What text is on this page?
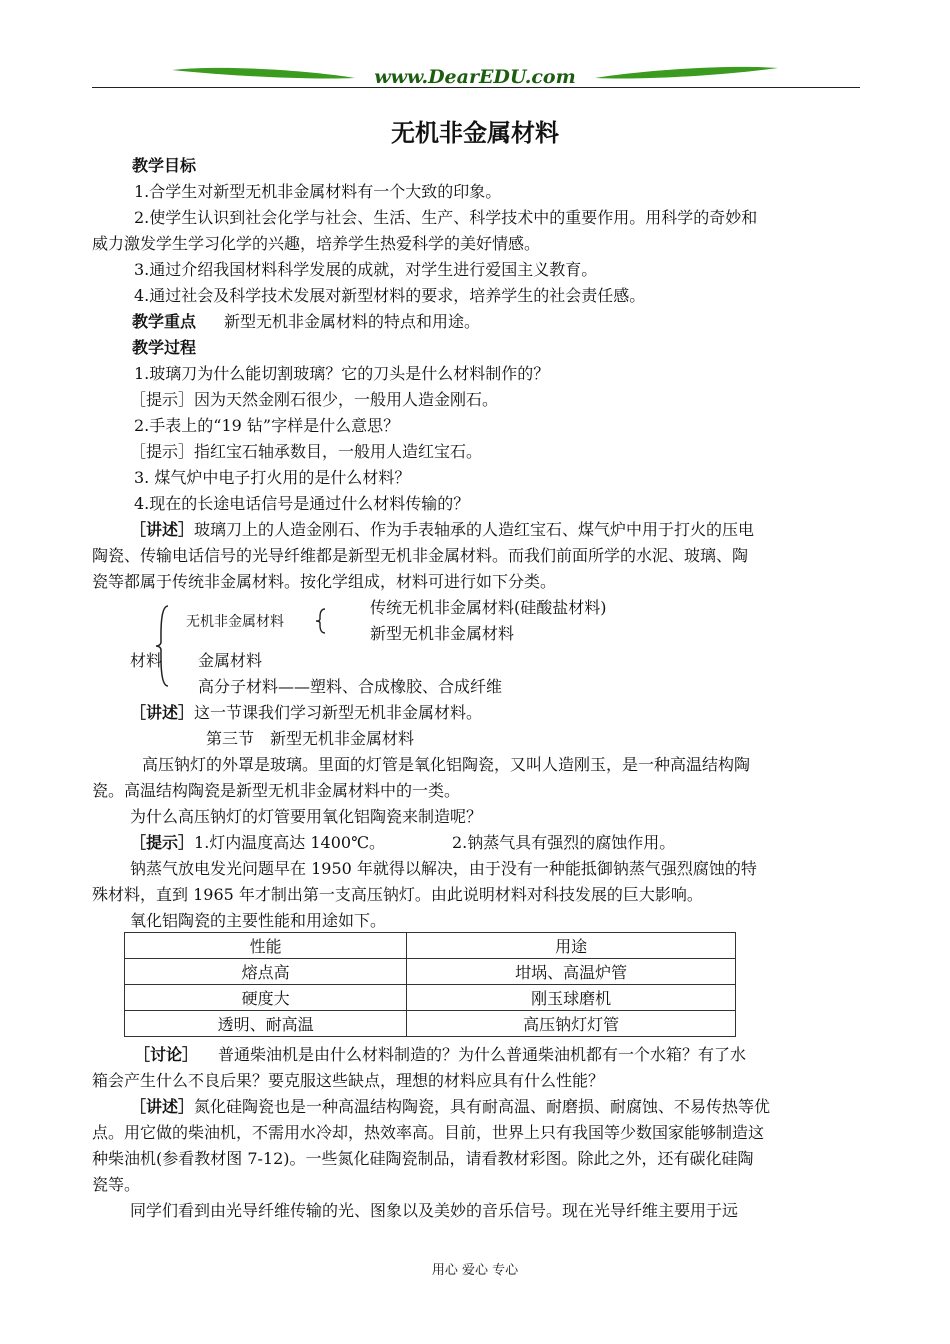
www.DearEDU.com
无机非金属材料
教学目标
1.合学生对新型无机非金属材料有一个大致的印象。
2.使学生认识到社会化学与社会、生活、生产、科学技术中的重要作用。用科学的奇妙和
威力激发学生学习化学的兴趣，培养学生热爱科学的美好情感。
3.通过介绍我国材料科学发展的成就，对学生进行爱国主义教育。
4.通过社会及科学技术发展对新型材料的要求，培养学生的社会责任感。
教学重点 新型无机非金属材料的特点和用途。
教学过程
1.玻璃刀为什么能切割玻璃？它的刀头是什么材料制作的？
［提示］因为天然金刚石很少，一般用人造金刚石。
2.手表上的“19 钻”字样是什么意思？
［提示］指红宝石轴承数目，一般用人造红宝石。
3. 煤气炉中电子打火用的是什么材料？
4.现在的长途电话信号是通过什么材料传输的？
［讲述］玻璃刀上的人造金刚石、作为手表轴承的人造红宝石、煤气炉中用于打火的压电
陶瓷、传输电话信号的光导纤维都是新型无机非金属材料。而我们前面所学的水泥、玻璃、陶
瓷等都属于传统非金属材料。按化学组成，材料可进行如下分类。
无机非金属材料
传统无机非金属材料(硅酸盐材料)
新型无机非金属材料
材料 金属材料
高分子材料——塑料、合成橡胶、合成纤维
［讲述］这一节课我们学习新型无机非金属材料。
第三节　新型无机非金属材料
高压钠灯的外罩是玻璃。里面的灯管是氧化铝陶瓷，又叫人造刚玉，是一种高温结构陶
瓷。高温结构陶瓷是新型无机非金属材料中的一类。
为什么高压钠灯的灯管要用氧化铝陶瓷来制造呢？
［提示］1.灯内温度高达 1400℃。	2.钠蒸气具有强烈的腐蚀作用。
钠蒸气放电发光问题早在 1950 年就得以解决，由于没有一种能抵御钠蒸气强烈腐蚀的特
殊材料，直到 1965 年才制出第一支高压钠灯。由此说明材料对科技发展的巨大影响。
氧化铝陶瓷的主要性能和用途如下。
性能	用途
熔点高	坩埚、高温炉管
硬度大	刚玉球磨机
透明、耐高温	高压钠灯灯管
［讨论］ 普通柴油机是由什么材料制造的？为什么普通柴油机都有一个水箱？有了水
箱会产生什么不良后果？要克服这些缺点，理想的材料应具有什么性能？
［讲述］氮化硅陶瓷也是一种高温结构陶瓷，具有耐高温、耐磨损、耐腐蚀、不易传热等优
点。用它做的柴油机，不需用水冷却，热效率高。目前，世界上只有我国等少数国家能够制造这
种柴油机(参看教材图 7-12)。一些氮化硅陶瓷制品，请看教材彩图。除此之外，还有碳化硅陶
瓷等。
同学们看到由光导纤维传输的光、图象以及美妙的音乐信号。现在光导纤维主要用于远
用心 爱心 专心
